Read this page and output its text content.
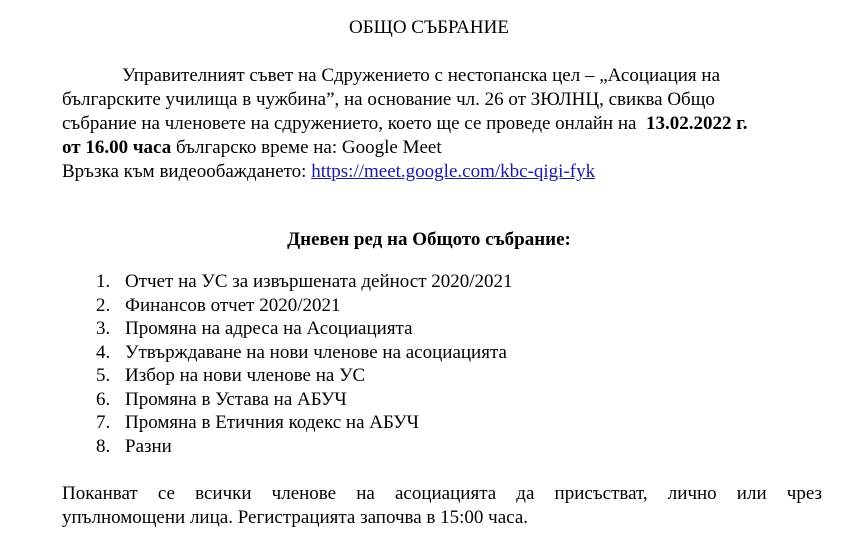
ОБЩО СЪБРАНИЕ
Управителният съвет на Сдружението с нестопанска цел – „Асоциация на
българските училища в чужбина”, на основание чл. 26 от ЗЮЛНЦ, свиква Общо
събрание на членовете на сдружението, което ще се проведе онлайн на 13.02.2022 г.
от 16.00 часа българско време на: Google Meet
Връзка към видеообаждането: https://meet.google.com/kbc-qigi-fyk
Дневен ред на Общото събрание:
1. Отчет на УС за извършената дейност 2020/2021
2. Финансов отчет 2020/2021
3. Промяна на адреса на Асоциацията
4. Утвърждаване на нови членове на асоциацията
5. Избор на нови членове на УС
6. Промяна в Устава на АБУЧ
7. Промяна в Етичния кодекс на АБУЧ
8. Разни
Поканват се всички членове на асоциацията да присъстват, лично или чрез
упълномощени лица. Регистрацията започва в 15:00 часа.
